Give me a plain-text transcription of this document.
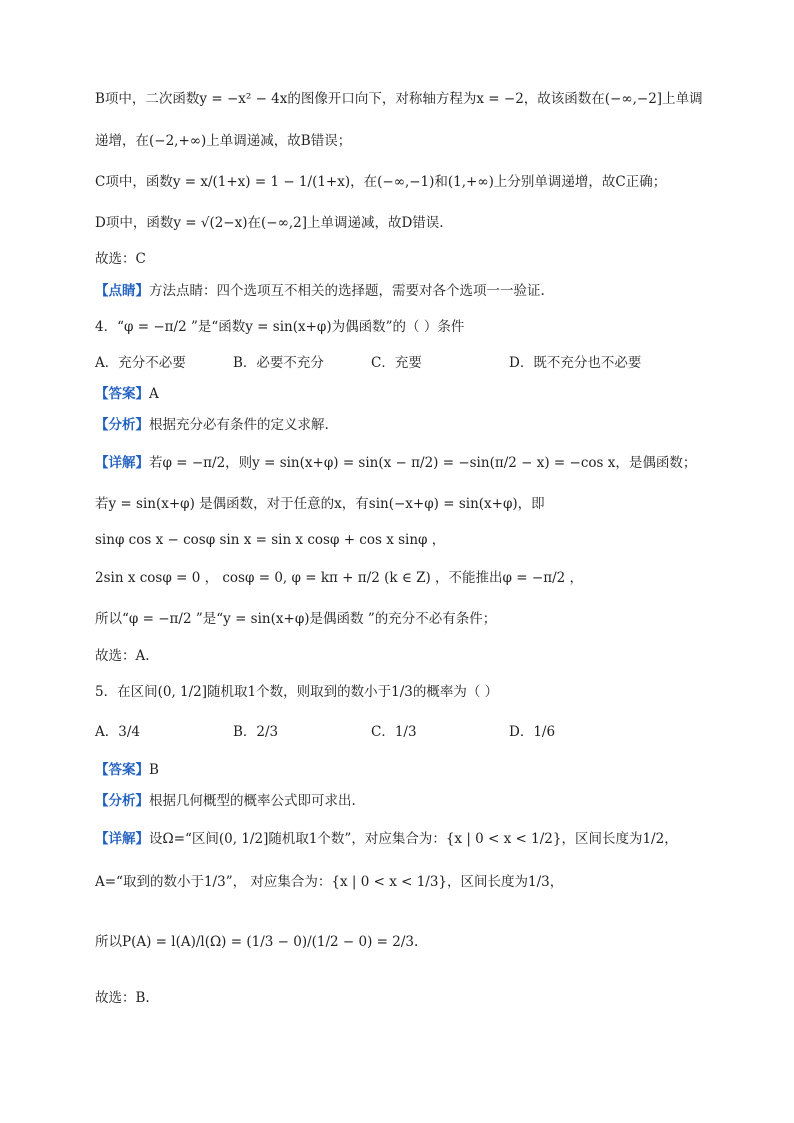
B项中，二次函数y = −x² − 4x的图像开口向下，对称轴方程为x = −2，故该函数在(−∞,−2]上单调
递增，在(−2,+∞)上单调递减，故B错误；
C项中，函数y = x/(1+x) = 1 − 1/(1+x)，在(−∞,−1)和(1,+∞)上分别单调递增，故C正确；
D项中，函数y = √(2−x)在(−∞,2]上单调递减，故D错误.
故选：C
【点睛】方法点睛：四个选项互不相关的选择题，需要对各个选项一一验证.
4．“φ = −π/2 ”是“函数y = sin(x+φ)为偶函数”的（ ）条件
A．充分不必要	B．必要不充分	C．充要	D．既不充分也不必要
【答案】A
【分析】根据充分必有条件的定义求解.
【详解】若φ = −π/2，则y = sin(x+φ) = sin(x − π/2) = −sin(π/2 − x) = −cos x，是偶函数；
若y = sin(x+φ) 是偶函数，对于任意的x，有sin(−x+φ) = sin(x+φ)，即
sinφ cos x − cosφ sin x = sin x cosφ + cos x sinφ ，
2sin x cosφ = 0 ， cosφ = 0, φ = kπ + π/2 (k ∈ Z) ，不能推出φ = −π/2 ，
所以“φ = −π/2 ”是“y = sin(x+φ)是偶函数 ”的充分不必有条件；
故选：A.
5．在区间(0, 1/2]随机取1个数，则取到的数小于1/3的概率为（ ）
A．3/4	B．2/3	C．1/3	D．1/6
【答案】B
【分析】根据几何概型的概率公式即可求出.
【详解】设Ω=“区间(0, 1/2]随机取1个数”，对应集合为：{x | 0 < x < 1/2}，区间长度为1/2，
A=“取到的数小于1/3”， 对应集合为：{x | 0 < x < 1/3}，区间长度为1/3，
所以P(A) = l(A)/l(Ω) = (1/3 − 0)/(1/2 − 0) = 2/3.
故选：B.
